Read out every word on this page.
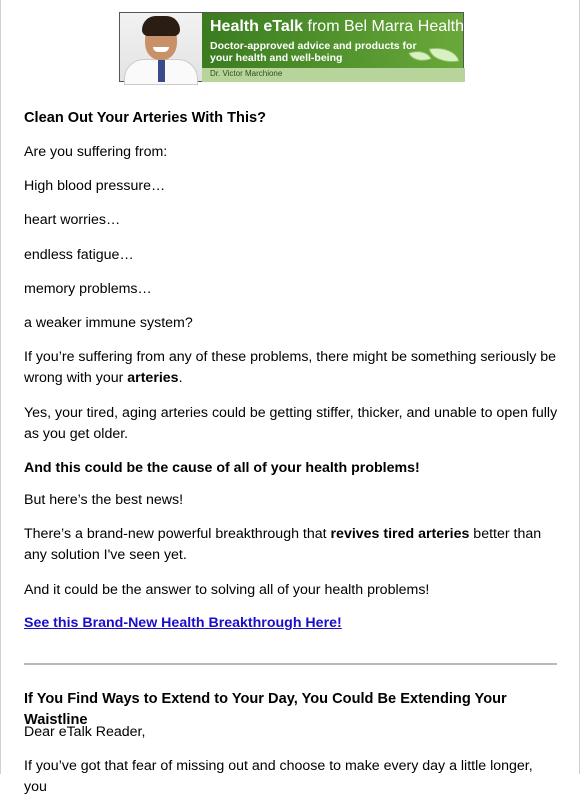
Health eTalk from Bel Marra Health
Doctor-approved advice and products for
your health and well-being
Dr. Victor Marchione
Clean Out Your Arteries With This?
Are you suffering from:
High blood pressure…
heart worries…
endless fatigue…
memory problems…
a weaker immune system?
If you’re suffering from any of these problems, there might be something seriously be wrong with your arteries.
Yes, your tired, aging arteries could be getting stiffer, thicker, and unable to open fully as you get older.
And this could be the cause of all of your health problems!
But here’s the best news!
There’s a brand-new powerful breakthrough that revives tired arteries better than any solution I've seen yet.
And it could be the answer to solving all of your health problems!
See this Brand-New Health Breakthrough Here!
If You Find Ways to Extend to Your Day, You Could Be Extending Your Waistline
Dear eTalk Reader,
If you’ve got that fear of missing out and choose to make every day a little longer, you
